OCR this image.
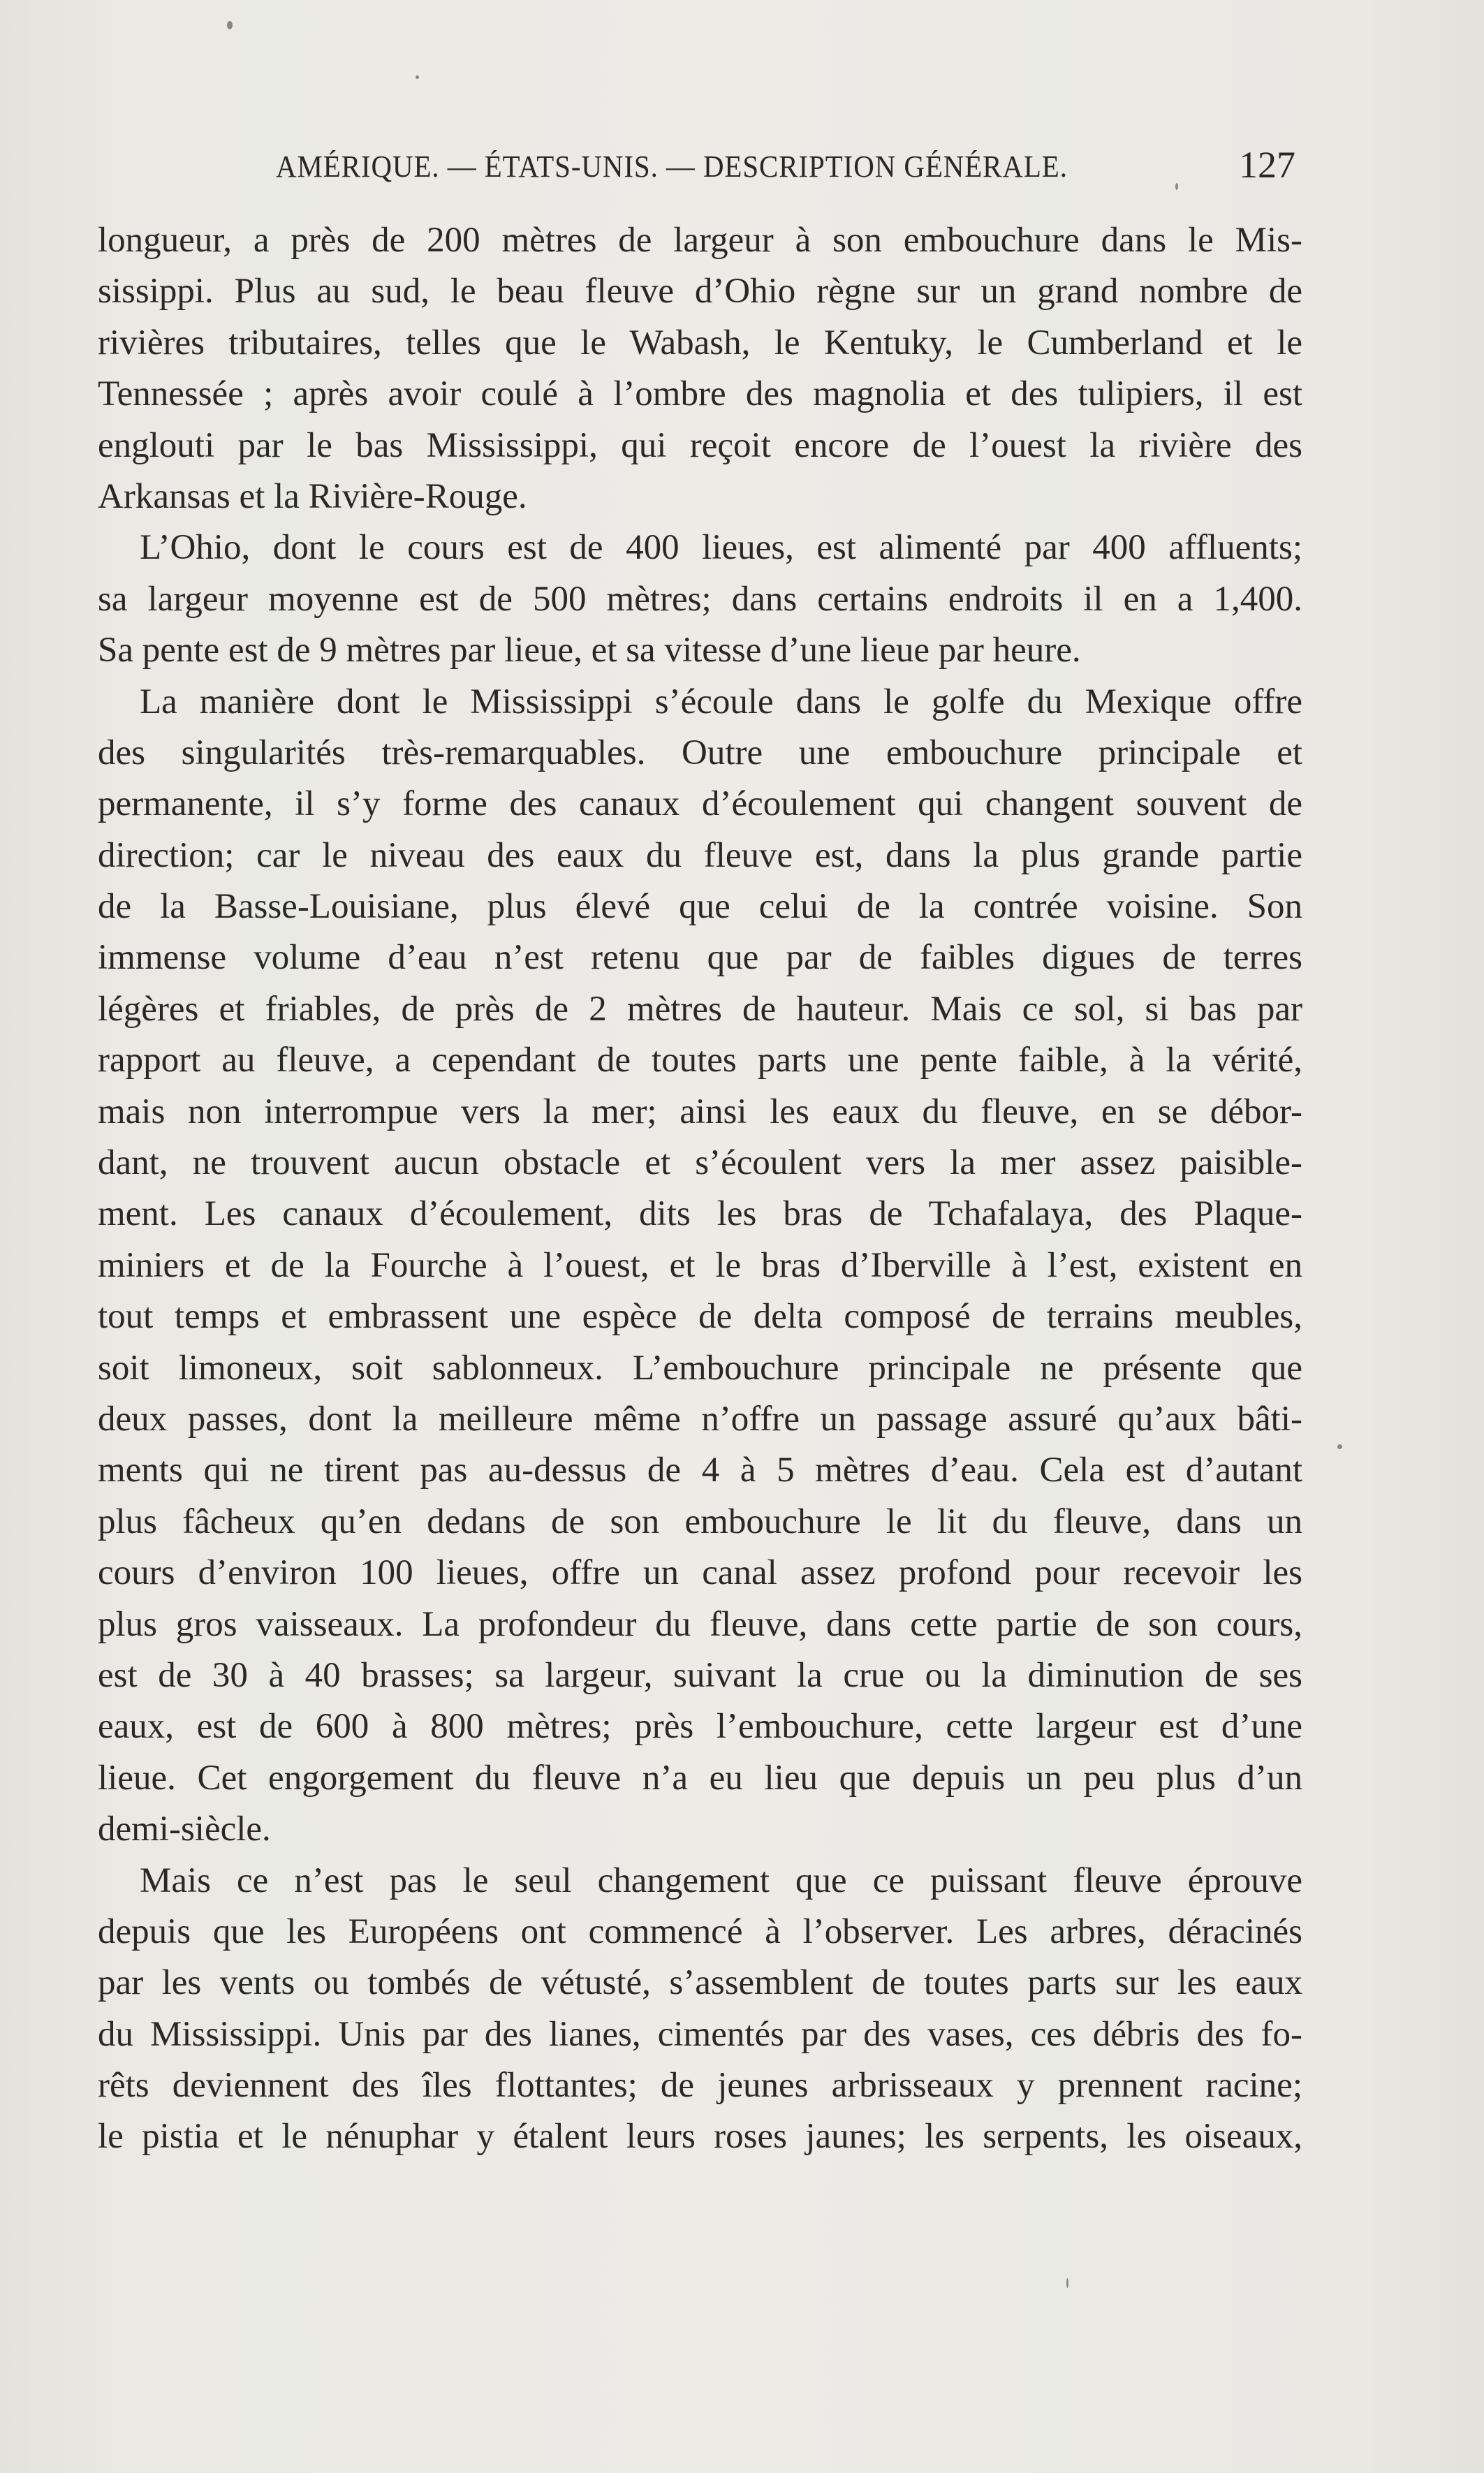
AMÉRIQUE. — ÉTATS-UNIS. — DESCRIPTION GÉNÉRALE.	127
longueur, a près de 200 mètres de largeur à son embouchure dans le Mis-
sissippi. Plus au sud, le beau fleuve d’Ohio règne sur un grand nombre de
rivières tributaires, telles que le Wabash, le Kentuky, le Cumberland et le
Tennessée ; après avoir coulé à l’ombre des magnolia et des tulipiers, il est
englouti par le bas Mississippi, qui reçoit encore de l’ouest la rivière des
Arkansas et la Rivière-Rouge.
L’Ohio, dont le cours est de 400 lieues, est alimenté par 400 affluents;
sa largeur moyenne est de 500 mètres; dans certains endroits il en a 1,400.
Sa pente est de 9 mètres par lieue, et sa vitesse d’une lieue par heure.
La manière dont le Mississippi s’écoule dans le golfe du Mexique offre
des singularités très-remarquables. Outre une embouchure principale et
permanente, il s’y forme des canaux d’écoulement qui changent souvent de
direction; car le niveau des eaux du fleuve est, dans la plus grande partie
de la Basse-Louisiane, plus élevé que celui de la contrée voisine. Son
immense volume d’eau n’est retenu que par de faibles digues de terres
légères et friables, de près de 2 mètres de hauteur. Mais ce sol, si bas par
rapport au fleuve, a cependant de toutes parts une pente faible, à la vérité,
mais non interrompue vers la mer; ainsi les eaux du fleuve, en se débor-
dant, ne trouvent aucun obstacle et s’écoulent vers la mer assez paisible-
ment. Les canaux d’écoulement, dits les bras de Tchafalaya, des Plaque-
miniers et de la Fourche à l’ouest, et le bras d’Iberville à l’est, existent en
tout temps et embrassent une espèce de delta composé de terrains meubles,
soit limoneux, soit sablonneux. L’embouchure principale ne présente que
deux passes, dont la meilleure même n’offre un passage assuré qu’aux bâti-
ments qui ne tirent pas au-dessus de 4 à 5 mètres d’eau. Cela est d’autant
plus fâcheux qu’en dedans de son embouchure le lit du fleuve, dans un
cours d’environ 100 lieues, offre un canal assez profond pour recevoir les
plus gros vaisseaux. La profondeur du fleuve, dans cette partie de son cours,
est de 30 à 40 brasses; sa largeur, suivant la crue ou la diminution de ses
eaux, est de 600 à 800 mètres; près l’embouchure, cette largeur est d’une
lieue. Cet engorgement du fleuve n’a eu lieu que depuis un peu plus d’un
demi-siècle.
Mais ce n’est pas le seul changement que ce puissant fleuve éprouve
depuis que les Européens ont commencé à l’observer. Les arbres, déracinés
par les vents ou tombés de vétusté, s’assemblent de toutes parts sur les eaux
du Mississippi. Unis par des lianes, cimentés par des vases, ces débris des fo-
rêts deviennent des îles flottantes; de jeunes arbrisseaux y prennent racine;
le pistia et le nénuphar y étalent leurs roses jaunes; les serpents, les oiseaux,
